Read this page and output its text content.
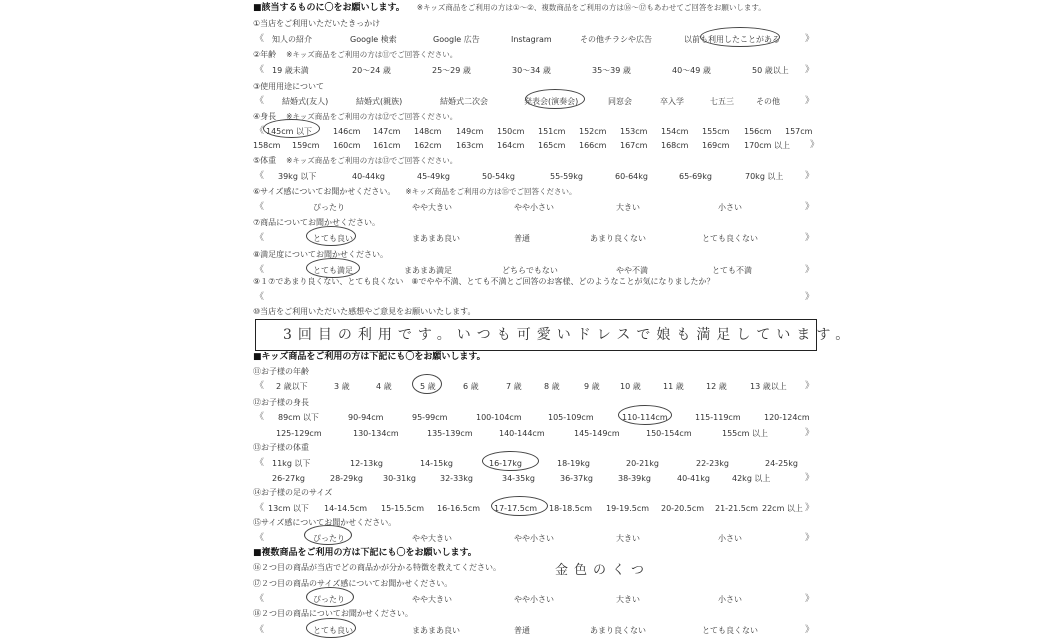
■該当するものに〇をお願いします。 ※キッズ商品をご利用の方は①〜②、複数商品をご利用の方は⑯〜⑰もあわせてご回答をお願いします。
①当店をご利用いただいたきっかけ
《	》
知人の紹介	Google 検索	Google 広告	Instagram	その他チラシや広告	以前も利用したことがある
②年齢 ※キッズ商品をご利用の方は⑪でご回答ください。
《	》
19 歳未満	20〜24 歳	25〜29 歳	30〜34 歳	35〜39 歳	40〜49 歳	50 歳以上
③使用用途について
《	》
結婚式(友人)	結婚式(親族)	結婚式二次会	発表会(演奏会)	同窓会	卒入学	七五三	その他
④身長 ※キッズ商品をご利用の方は⑫でご回答ください。
《 145cm 以下	146cm 147cm 148cm 149cm 150cm 151cm 152cm 153cm 154cm 155cm 156cm 157cm
》
158cm 159cm 160cm 161cm 162cm 163cm 164cm 165cm 166cm 167cm 168cm 169cm 170cm 以上
⑤体重 ※キッズ商品をご利用の方は⑬でご回答ください。
《	》
39kg 以下	40-44kg	45-49kg	50-54kg	55-59kg	60-64kg	65-69kg	70kg 以上
⑥サイズ感についてお聞かせください。 ※キッズ商品をご利用の方は⑮でご回答ください。
《	》
ぴったり	やや大きい	やや小さい	大きい	小さい
⑦商品についてお聞かせください。
《	》
とても良い	まあまあ良い	普通	あまり良くない	とても良くない
⑧満足度についてお聞かせください。
《	》
とても満足	まあまあ満足	どちらでもない	やや不満	とても不満
⑨１⑦であまり良くない、とても良くない　⑧でやや不満、とても不満とご回答のお客様、どのようなことが気になりましたか？
《	》
⑩当店をご利用いただいた感想やご意見をお願いいたします。
3回目の利用です。いつも可愛いドレスで娘も満足しています。
■キッズ商品をご利用の方は下記にも〇をお願いします。
⑪お子様の年齢
《	》
2 歳以下	3 歳	4 歳	5 歳	6 歳	7 歳	8 歳	9 歳	10 歳	11 歳	12 歳	13 歳以上
⑫お子様の身長
《 89cm 以下	90-94cm	95-99cm	100-104cm	105-109cm	110-114cm	115-119cm	120-124cm
》
125-129cm	130-134cm	135-139cm	140-144cm	145-149cm	150-154cm	155cm 以上
⑬お子様の体重
《 11kg 以下	12-13kg	14-15kg	16-17kg	18-19kg	20-21kg	22-23kg	24-25kg
》
26-27kg	28-29kg	30-31kg	32-33kg	34-35kg	36-37kg	38-39kg	40-41kg	42kg 以上
⑭お子様の足のサイズ
《	》
13cm 以下 14-14.5cm 15-15.5cm 16-16.5cm 17-17.5cm 18-18.5cm 19-19.5cm 20-20.5cm 21-21.5cm 22cm 以上
⑮サイズ感についてお聞かせください。
《	》
ぴったり	やや大きい	やや小さい	大きい	小さい
■複数商品をご利用の方は下記にも〇をお願いします。
⑯２つ目の商品が当店でどの商品かが分かる特徴を教えてください。	金色のくつ
⑰２つ目の商品のサイズ感についてお聞かせください。
《	》
ぴったり	やや大きい	やや小さい	大きい	小さい
⑱２つ目の商品についてお聞かせください。
《	》
とても良い	まあまあ良い	普通	あまり良くない	とても良くない
